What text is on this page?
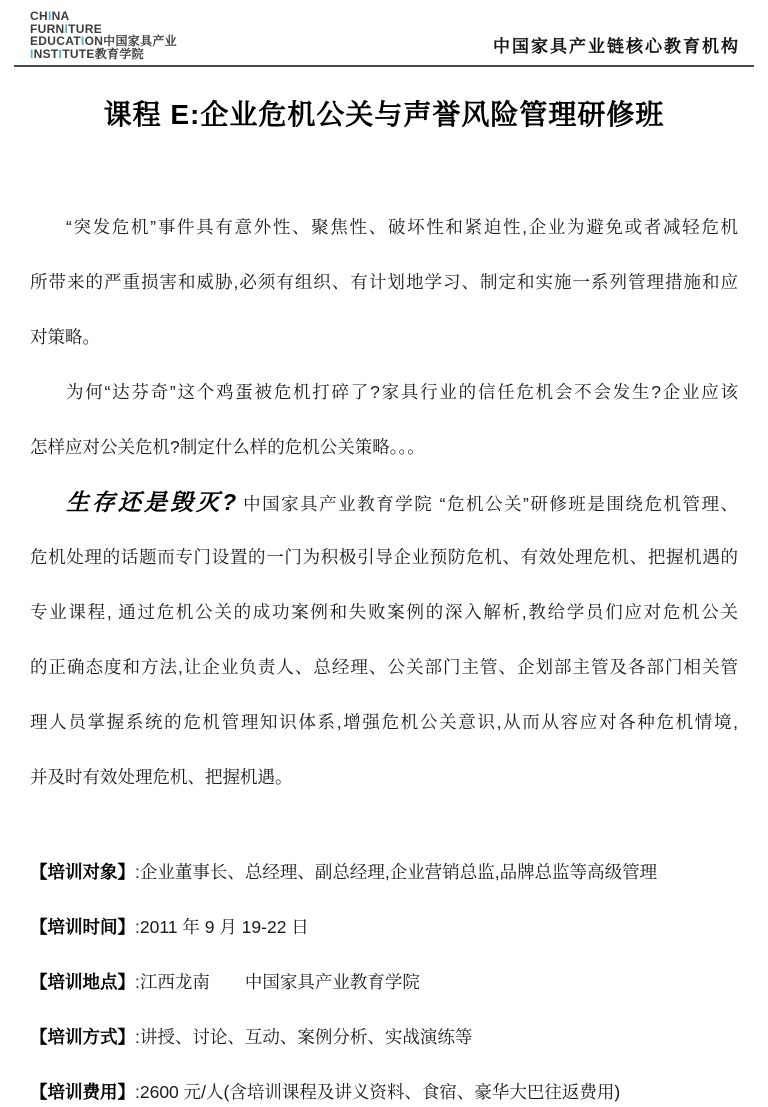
CHINA
FURNITURE
EDUCATION中国家具产业
INSTITUTE教育学院	中国家具产业链核心教育机构
课程 E:企业危机公关与声誉风险管理研修班
“突发危机”事件具有意外性、聚焦性、破坏性和紧迫性,企业为避免或者减轻危机
所带来的严重损害和威胁,必须有组织、有计划地学习、制定和实施一系列管理措施和应
对策略。
为何“达芬奇”这个鸡蛋被危机打碎了?家具行业的信任危机会不会发生?企业应该
怎样应对公关危机?制定什么样的危机公关策略。。。
生存还是毁灭? 中国家具产业教育学院 “危机公关”研修班是围绕危机管理、
危机处理的话题而专门设置的一门为积极引导企业预防危机、有效处理危机、把握机遇的
专业课程, 通过危机公关的成功案例和失败案例的深入解析,教给学员们应对危机公关
的正确态度和方法,让企业负责人、总经理、公关部门主管、企划部主管及各部门相关管
理人员掌握系统的危机管理知识体系,增强危机公关意识,从而从容应对各种危机情境,
并及时有效处理危机、把握机遇。
【培训对象】:企业董事长、总经理、副总经理,企业营销总监,品牌总监等高级管理
【培训时间】:2011 年 9 月 19-22 日
【培训地点】:江西龙南　　中国家具产业教育学院
【培训方式】:讲授、讨论、互动、案例分析、实战演练等
【培训费用】:2600 元/人(含培训课程及讲义资料、食宿、豪华大巴往返费用)
